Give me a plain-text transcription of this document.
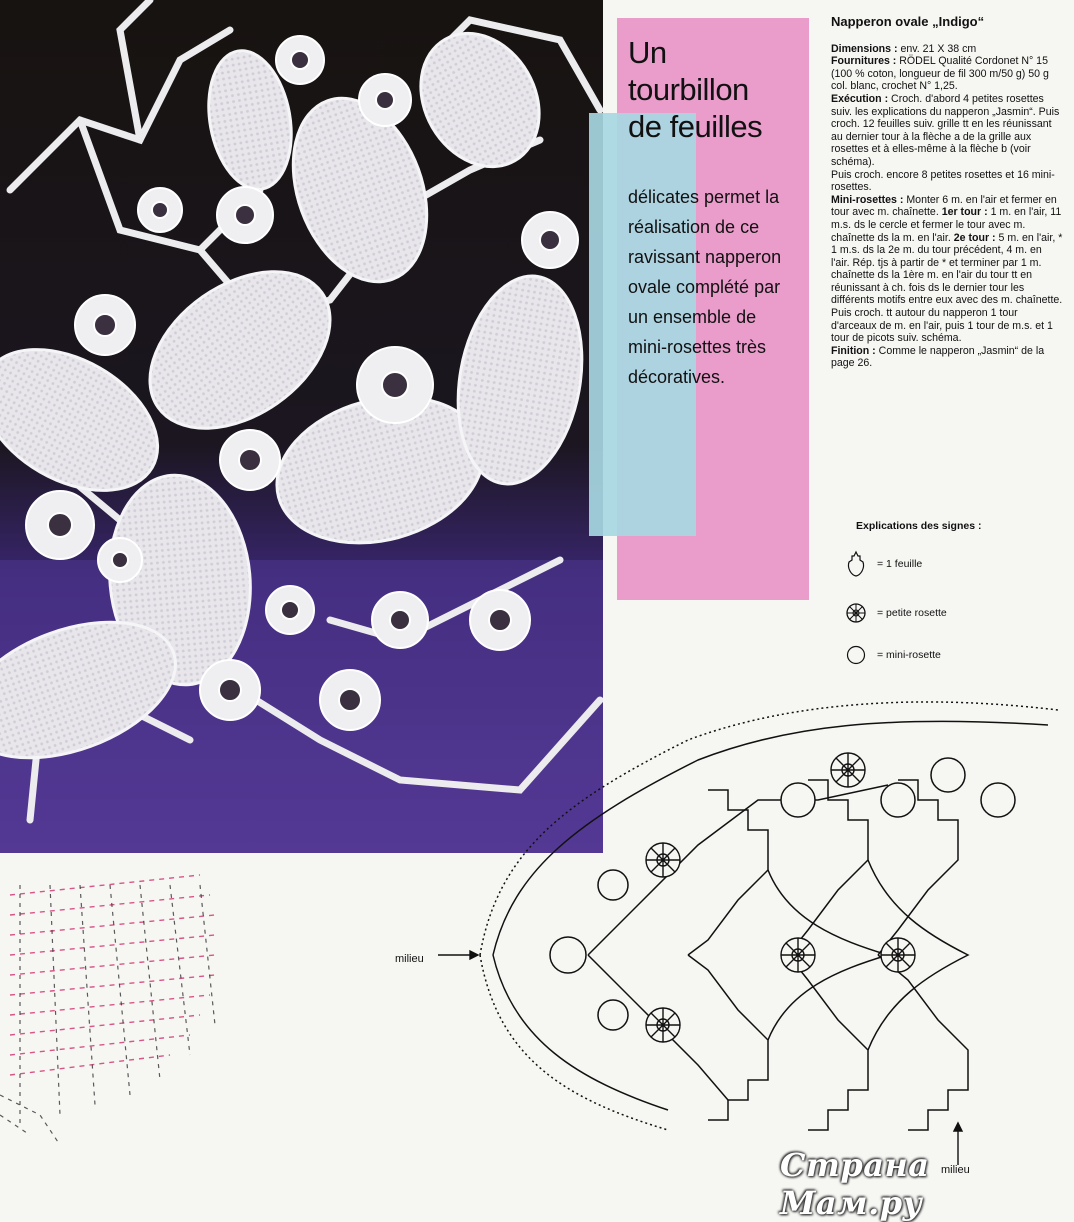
Un
tourbillon
de feuilles

délicates permet la
réalisation de ce
ravissant napperon
ovale complété par
un ensemble de
mini-rosettes très
décoratives.

Napperon ovale „Indigo“

Dimensions : env. 21 X 38 cm

Fournitures : RÖDEL Qualité Cordonet N° 15 (100 % coton, longueur de fil 300 m/50 g) 50 g col. blanc, crochet N° 1,25.

Exécution : Croch. d'abord 4 petites rosettes suiv. les explications du napperon „Jasmin“. Puis croch. 12 feuilles suiv. grille tt en les réunissant au dernier tour à la flèche a de la grille aux rosettes et à elles-même à la flèche b (voir schéma).

Puis croch. encore 8 petites rosettes et 16 mini-rosettes.

Mini-rosettes : Monter 6 m. en l'air et fermer en tour avec m. chaînette. 1er tour : 1 m. en l'air, 11 m.s. ds le cercle et fermer le tour avec m. chaînette ds la m. en l'air. 2e tour : 5 m. en l'air, * 1 m.s. ds la 2e m. du tour précédent, 4 m. en l'air. Rép. tjs à partir de * et terminer par 1 m. chaînette ds la 1ère m. en l'air du tour tt en réunissant à ch. fois ds le dernier tour les différents motifs entre eux avec des m. chaînette.

Puis croch. tt autour du napperon 1 tour d'arceaux de m. en l'air, puis 1 tour de m.s. et 1 tour de picots suiv. schéma.

Finition : Comme le napperon „Jasmin“ de la page 26.

Explications des signes :
= 1 feuille
= petite rosette
= mini-rosette
milieu
milieu
Страна Мам.ру
